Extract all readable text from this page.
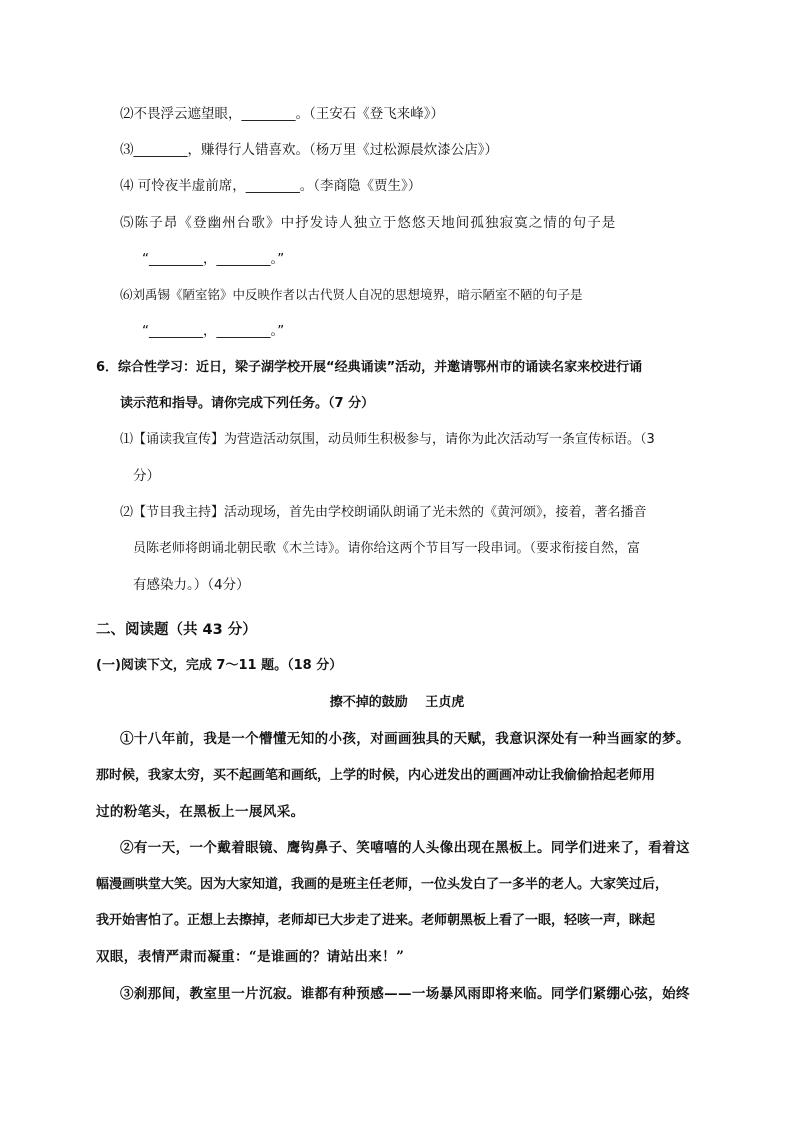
⑵不畏浮云遮望眼，________。（王安石《登飞来峰》）
⑶________，赚得行人错喜欢。（杨万里《过松源晨炊漆公店》）
⑷ 可怜夜半虚前席，________。（李商隐《贾生》）
⑸陈子昂《登幽州台歌》中抒发诗人独立于悠悠天地间孤独寂寞之情的句子是
“________，________。”
⑹刘禹锡《陋室铭》中反映作者以古代贤人自况的思想境界，暗示陋室不陋的句子是
“________，________。”
6．综合性学习：近日，梁子湖学校开展“经典诵读”活动，并邀请鄂州市的诵读名家来校进行诵
读示范和指导。请你完成下列任务。（7 分）
⑴【诵读我宣传】为营造活动氛围，动员师生积极参与，请你为此次活动写一条宣传标语。（3
分）
⑵【节目我主持】活动现场，首先由学校朗诵队朗诵了光未然的《黄河颂》，接着，著名播音
员陈老师将朗诵北朝民歌《木兰诗》。请你给这两个节目写一段串词。（要求衔接自然，富
有感染力。）（4分）
二、阅读题（共 43 分）
(一)阅读下文，完成 7～11 题。（18 分）
擦不掉的鼓励　 王贞虎
①十八年前，我是一个懵懂无知的小孩，对画画独具的天赋，我意识深处有一种当画家的梦。
那时候，我家太穷，买不起画笔和画纸，上学的时候，内心迸发出的画画冲动让我偷偷拾起老师用
过的粉笔头，在黑板上一展风采。
②有一天，一个戴着眼镜、鹰钩鼻子、笑嘻嘻的人头像出现在黑板上。同学们进来了，看着这
幅漫画哄堂大笑。因为大家知道，我画的是班主任老师，一位头发白了一多半的老人。大家笑过后，
我开始害怕了。正想上去擦掉，老师却已大步走了进来。老师朝黑板上看了一眼，轻咳一声，眯起
双眼，表情严肃而凝重：“是谁画的？请站出来！”
③刹那间，教室里一片沉寂。谁都有种预感——一场暴风雨即将来临。同学们紧绷心弦，始终
